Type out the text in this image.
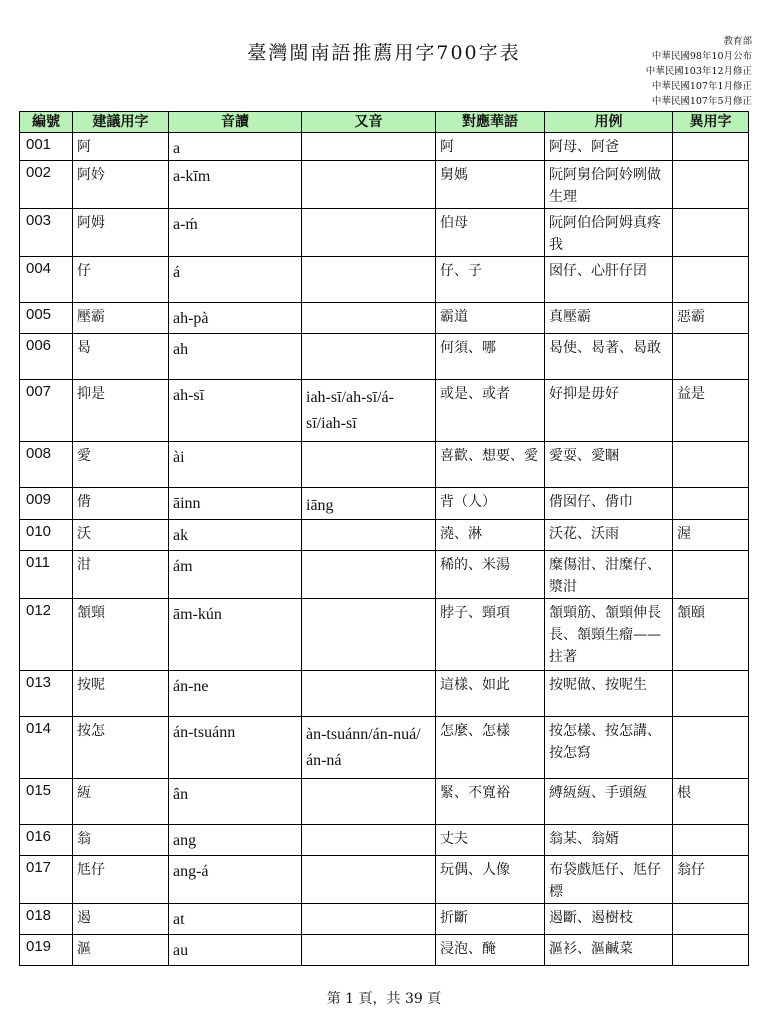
臺灣閩南語推薦用字700字表
教育部
中華民國98年10月公布
中華民國103年12月修正
中華民國107年1月修正
中華民國107年5月修正
編號	建議用字	音讀	又音	對應華語	用例	異用字
001	阿	a		阿	阿母、阿爸	
002	阿妗	a-kīm		舅媽	阮阿舅佮阿妗咧做生理	
003	阿姆	a-ḿ		伯母	阮阿伯佮阿姆真疼我	
004	仔	á		仔、子	囡仔、心肝仔囝	
005	壓霸	ah-pà		霸道	真壓霸	惡霸
006	曷	ah		何須、哪	曷使、曷著、曷敢	
007	抑是	ah-sī	iah-sī/ah-sī/á-sī/iah-sī	或是、或者	好抑是毋好	益是
008	愛	ài		喜歡、想要、愛	愛耍、愛睏	
009	偝	āinn	iāng	背（人）	偝囡仔、偝巾	
010	沃	ak		澆、淋	沃花、沃雨	渥
011	泔	ám		稀的、米湯	糜傷泔、泔糜仔、漿泔	
012	頷頸	ām-kún		脖子、頸項	頷頸筋、頷頸伸長長、頷頸生瘤——拄著	頷頤
013	按呢	án-ne		這樣、如此	按呢做、按呢生	
014	按怎	án-tsuánn	àn-tsuánn/án-nuá/án-ná	怎麼、怎樣	按怎樣、按怎講、按怎寫	
015	絚	ân		緊、不寬裕	縛絚絚、手頭絚	根
016	翁	ang		丈夫	翁某、翁婿	
017	尪仔	ang-á		玩偶、人像	布袋戲尪仔、尪仔標	翁仔
018	遏	at		折斷	遏斷、遏樹枝	
019	漚	au		浸泡、醃	漚衫、漚鹹菜	
第 1 頁，共 39 頁
